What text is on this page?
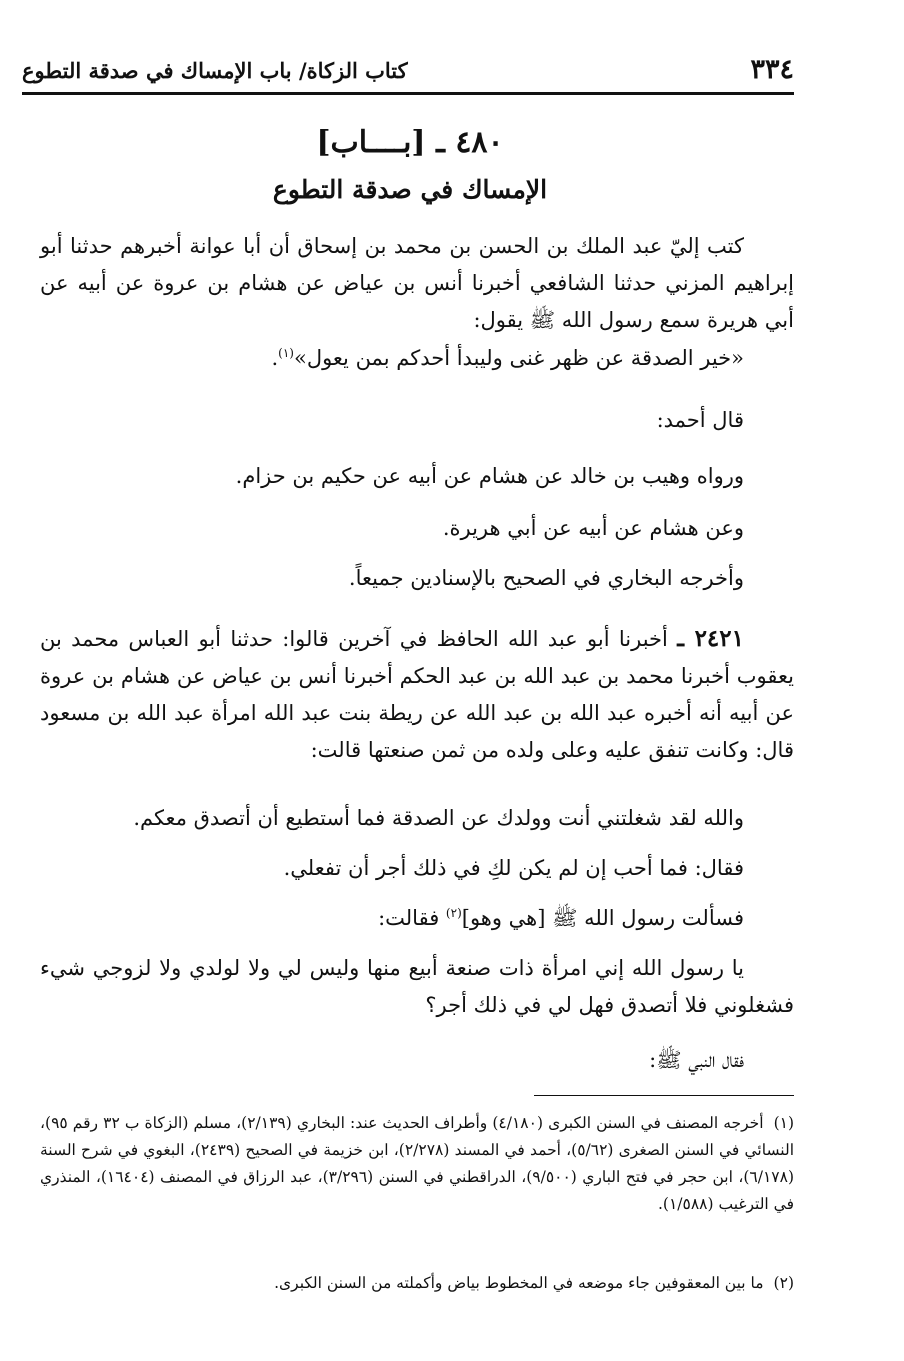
٣٣٤
كتاب الزكاة/ باب الإمساك في صدقة التطوع
٤٨٠ ـ [بــــاب]
الإمساك في صدقة التطوع
كتب إليّ عبد الملك بن الحسن بن محمد بن إسحاق أن أبا عوانة أخبرهم حدثنا أبو إبراهيم المزني حدثنا الشافعي أخبرنا أنس بن عياض عن هشام بن عروة عن أبيه عن أبي هريرة سمع رسول الله ﷺ يقول:
«خير الصدقة عن ظهر غنى وليبدأ أحدكم بمن يعول»$^{(١)}$.
قال أحمد:
ورواه وهيب بن خالد عن هشام عن أبيه عن حكيم بن حزام.
وعن هشام عن أبيه عن أبي هريرة.
وأخرجه البخاري في الصحيح بالإسنادين جميعاً.
٢٤٢١ ـ أخبرنا أبو عبد الله الحافظ في آخرين قالوا: حدثنا أبو العباس محمد بن يعقوب أخبرنا محمد بن عبد الله بن عبد الحكم أخبرنا أنس بن عياض عن هشام بن عروة عن أبيه أنه أخبره عبد الله بن عبد الله عن ريطة بنت عبد الله امرأة عبد الله بن مسعود قال: وكانت تنفق عليه وعلى ولده من ثمن صنعتها قالت:
والله لقد شغلتني أنت وولدك عن الصدقة فما أستطيع أن أتصدق معكم.
فقال: فما أحب إن لم يكن لكِ في ذلك أجر أن تفعلي.
فسألت رسول الله ﷺ [هي وهو]$^{(٢)}$ فقالت:
يا رسول الله إني امرأة ذات صنعة أبيع منها وليس لي ولا لولدي ولا لزوجي شيء فشغلوني فلا أتصدق فهل لي في ذلك أجر؟
فقال النبي ﷺ:
(١)أخرجه المصنف في السنن الكبرى (٤/١٨٠) وأطراف الحديث عند: البخاري (٢/١٣٩)، مسلم (الزكاة ب ٣٢ رقم ٩٥)، النسائي في السنن الصغرى (٥/٦٢)، أحمد في المسند (٢/٢٧٨)، ابن خزيمة في الصحيح (٢٤٣٩)، البغوي في شرح السنة (٦/١٧٨)، ابن حجر في فتح الباري (٩/٥٠٠)، الدراقطني في السنن (٣/٢٩٦)، عبد الرزاق في المصنف (١٦٤٠٤)، المنذري في الترغيب (١/٥٨٨).
(٢)ما بين المعقوفين جاء موضعه في المخطوط بياض وأكملته من السنن الكبرى.
